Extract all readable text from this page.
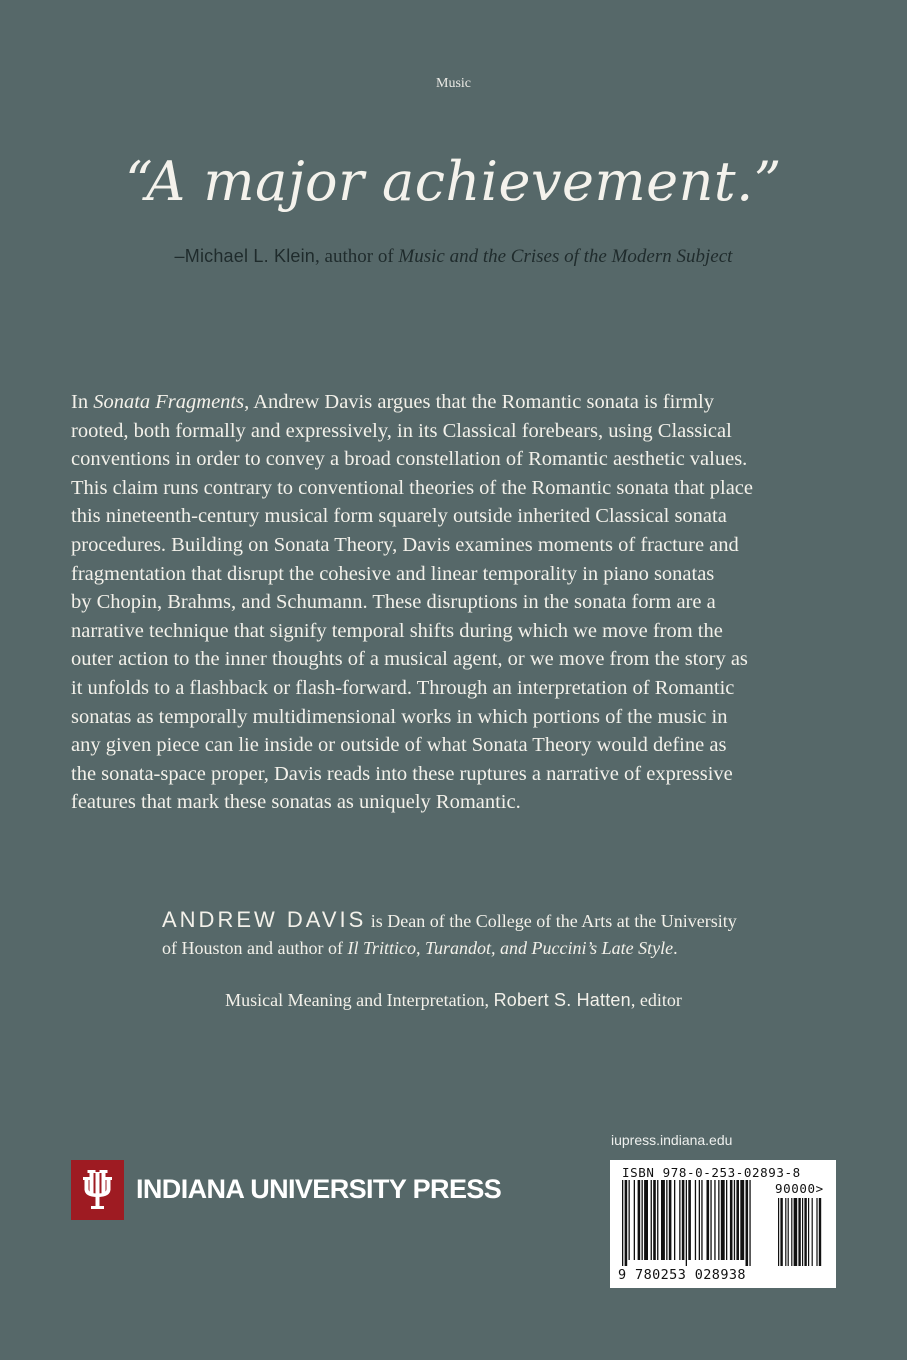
Music
“A major achievement.”
–Michael L. Klein, author of Music and the Crises of the Modern Subject
In Sonata Fragments, Andrew Davis argues that the Romantic sonata is firmly
rooted, both formally and expressively, in its Classical forebears, using Classical
conventions in order to convey a broad constellation of Romantic aesthetic values.
This claim runs contrary to conventional theories of the Romantic sonata that place
this nineteenth-century musical form squarely outside inherited Classical sonata
procedures. Building on Sonata Theory, Davis examines moments of fracture and
fragmentation that disrupt the cohesive and linear temporality in piano sonatas
by Chopin, Brahms, and Schumann. These disruptions in the sonata form are a
narrative technique that signify temporal shifts during which we move from the
outer action to the inner thoughts of a musical agent, or we move from the story as
it unfolds to a flashback or flash-forward. Through an interpretation of Romantic
sonatas as temporally multidimensional works in which portions of the music in
any given piece can lie inside or outside of what Sonata Theory would define as
the sonata-space proper, Davis reads into these ruptures a narrative of expressive
features that mark these sonatas as uniquely Romantic.
ANDREW DAVIS is Dean of the College of the Arts at the University
of Houston and author of Il Trittico, Turandot, and Puccini’s Late Style.
Musical Meaning and Interpretation, Robert S. Hatten, editor
iupress.indiana.edu
INDIANA UNIVERSITY PRESS
ISBN 978-0-253-02893-8
90000>
9 780253 028938
